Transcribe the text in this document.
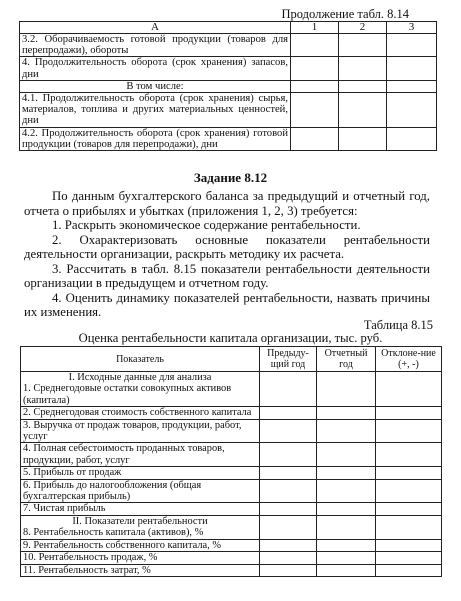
Продолжение табл. 8.14
А	1	2	3
3.2. Оборачиваемость готовой продукции (товаров для перепродажи), обороты			
4. Продолжительность оборота (срок хранения) запасов, дни			
В том числе:			
4.1. Продолжительность оборота (срок хранения) сырья, материалов, топлива и других материальных ценностей, дни			
4.2. Продолжительность оборота (срок хранения) готовой продукции (товаров для перепродажи), дни			
Задание 8.12

По данным бухгалтерского баланса за предыдущий и отчетный год, отчета о прибылях и убытках (приложения 1, 2, 3) требуется:

1. Раскрыть экономическое содержание рентабельности.

2. Охарактеризовать основные показатели рентабельности деятельности организации, раскрыть методику их расчета.

3. Рассчитать в табл. 8.15 показатели рентабельности деятельности организации в предыдущем и отчетном году.

4. Оценить динамику показателей рентабельности, назвать причины их изменения.

Таблица 8.15
Оценка рентабельности капитала организации, тыс. руб.
Показатель	Предыду-щий год	Отчетный год	Отклоне-ние (+, -)

I. Исходные данные для анализа
1. Среднегодовые остатки совокупных активов (капитала)			

2. Среднегодовая стоимость собственного капитала			
3. Выручка от продаж товаров, продукции, работ, услуг			
4. Полная себестоимость проданных товаров, продукции, работ, услуг			
5. Прибыль от продаж			
6. Прибыль до налогообложения (общая бухгалтерская прибыль)			
7. Чистая прибыль			

II. Показатели рентабельности
8. Рентабельность капитала (активов), %			

9. Рентабельность собственного капитала, %			
10. Рентабельность продаж, %			
11. Рентабельность затрат, %			
